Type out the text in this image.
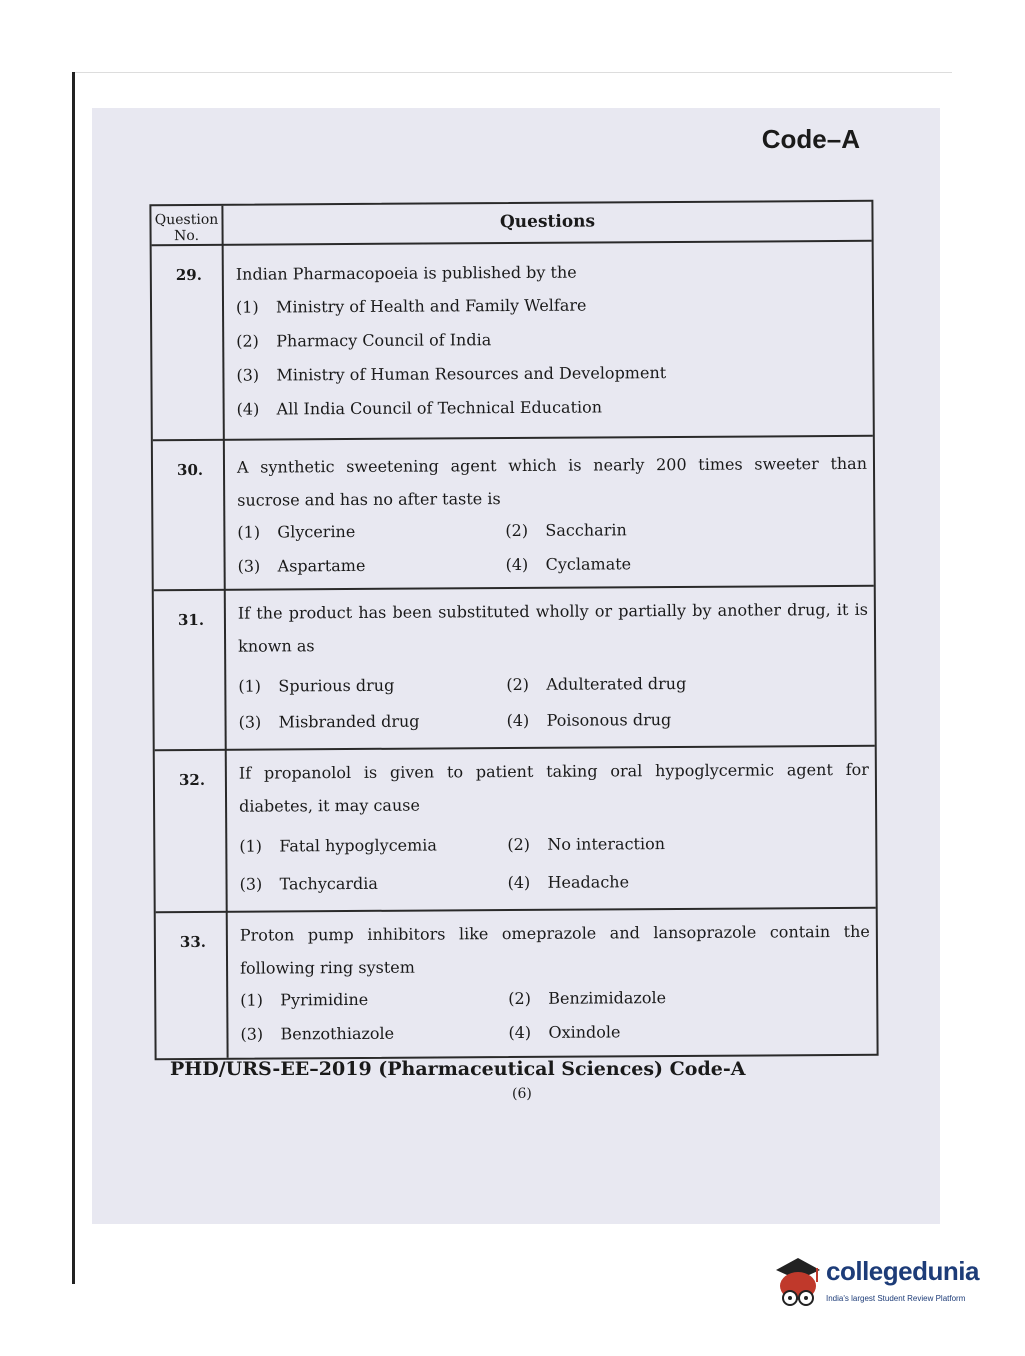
Code–A
Question No.
Questions
29. Indian Pharmacopoeia is published by the
(1) Ministry of Health and Family Welfare
(2) Pharmacy Council of India
(3) Ministry of Human Resources and Development
(4) All India Council of Technical Education
30. A synthetic sweetening agent which is nearly 200 times sweeter than sucrose and has no after taste is
(1) Glycerine	(2) Saccharin
(3) Aspartame	(4) Cyclamate
31. If the product has been substituted wholly or partially by another drug, it is known as
(1) Spurious drug	(2) Adulterated drug
(3) Misbranded drug	(4) Poisonous drug
32. If propanolol is given to patient taking oral hypoglycermic agent for diabetes, it may cause
(1) Fatal hypoglycemia	(2) No interaction
(3) Tachycardia	(4) Headache
33. Proton pump inhibitors like omeprazole and lansoprazole contain the following ring system
(1) Pyrimidine	(2) Benzimidazole
(3) Benzothiazole	(4) Oxindole
PHD/URS-EE–2019 (Pharmaceutical Sciences) Code-A
(6)
collegedunia
India's largest Student Review Platform
